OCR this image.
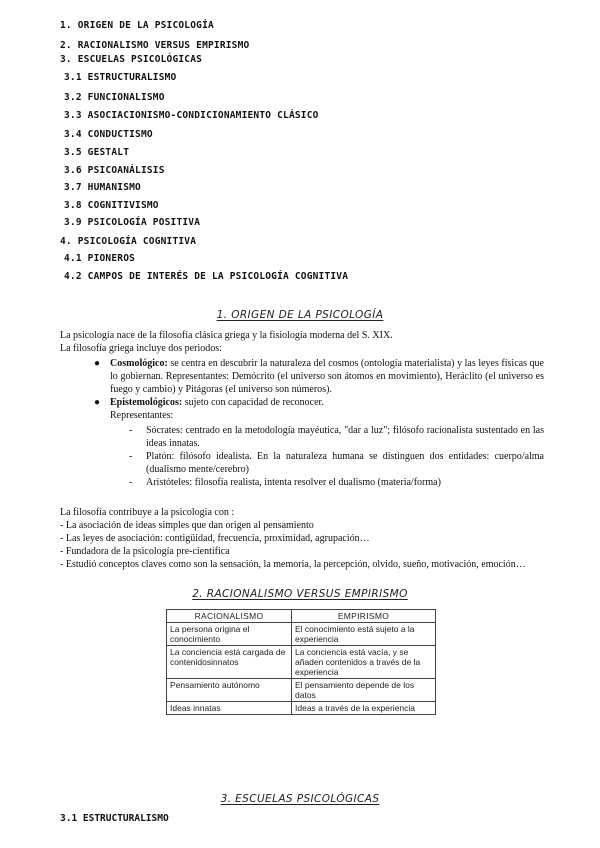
1. ORIGEN DE LA PSICOLOGÍA
2. RACIONALISMO VERSUS EMPIRISMO
3. ESCUELAS PSICOLÓGICAS
3.1 ESTRUCTURALISMO
3.2 FUNCIONALISMO
3.3 ASOCIACIONISMO-CONDICIONAMIENTO CLÁSICO
3.4 CONDUCTISMO
3.5 GESTALT
3.6 PSICOANÁLISIS
3.7 HUMANISMO
3.8 COGNITIVISMO
3.9 PSICOLOGÍA POSITIVA
4. PSICOLOGÍA COGNITIVA
4.1 PIONEROS
4.2 CAMPOS DE INTERÉS DE LA PSICOLOGÍA COGNITIVA
1. ORIGEN DE LA PSICOLOGÍA
La psicología nace de la filosofía clásica griega y la fisiología moderna del S. XIX.
La filosofía griega incluye dos periodos:
● Cosmológico: se centra en descubrir la naturaleza del cosmos (ontología materialista) y las leyes físicas que lo gobiernan. Representantes: Demócrito (el universo son átomos en movimiento), Heráclito (el universo es fuego y cambio) y Pitágoras (el universo son números).
● Epistemológicos: sujeto con capacidad de reconocer.
Representantes:
- Sócrates: centrado en la metodología mayéutica, "dar a luz"; filósofo racionalista sustentado en las ideas innatas.
- Platón: filósofo idealista. En la naturaleza humana se distinguen dos entidades: cuerpo/alma (dualismo mente/cerebro)
- Aristóteles: filosofía realista, intenta resolver el dualismo (materia/forma)
La filosofía contribuye a la psicología con :
- La asociación de ideas simples que dan origen al pensamiento
- Las leyes de asociación: contigüidad, frecuencia, proximidad, agrupación…
- Fundadora de la psicología pre-científica
- Estudió conceptos claves como son la sensación, la memoria, la percepción, olvido, sueño, motivación, emoción…
2. RACIONALISMO VERSUS EMPIRISMO
RACIONALISMO	EMPIRISMO
La persona origina el conocimiento	El conocimiento está sujeto a la experiencia
La conciencia está cargada de contenidosinnatos	La conciencia está vacía, y se añaden contenidos a través de la experiencia
Pensamiento autónomo	El pensamiento depende de los datos
Ideas innatas	Ideas a través de la experiencia
3. ESCUELAS PSICOLÓGICAS
3.1 ESTRUCTURALISMO
